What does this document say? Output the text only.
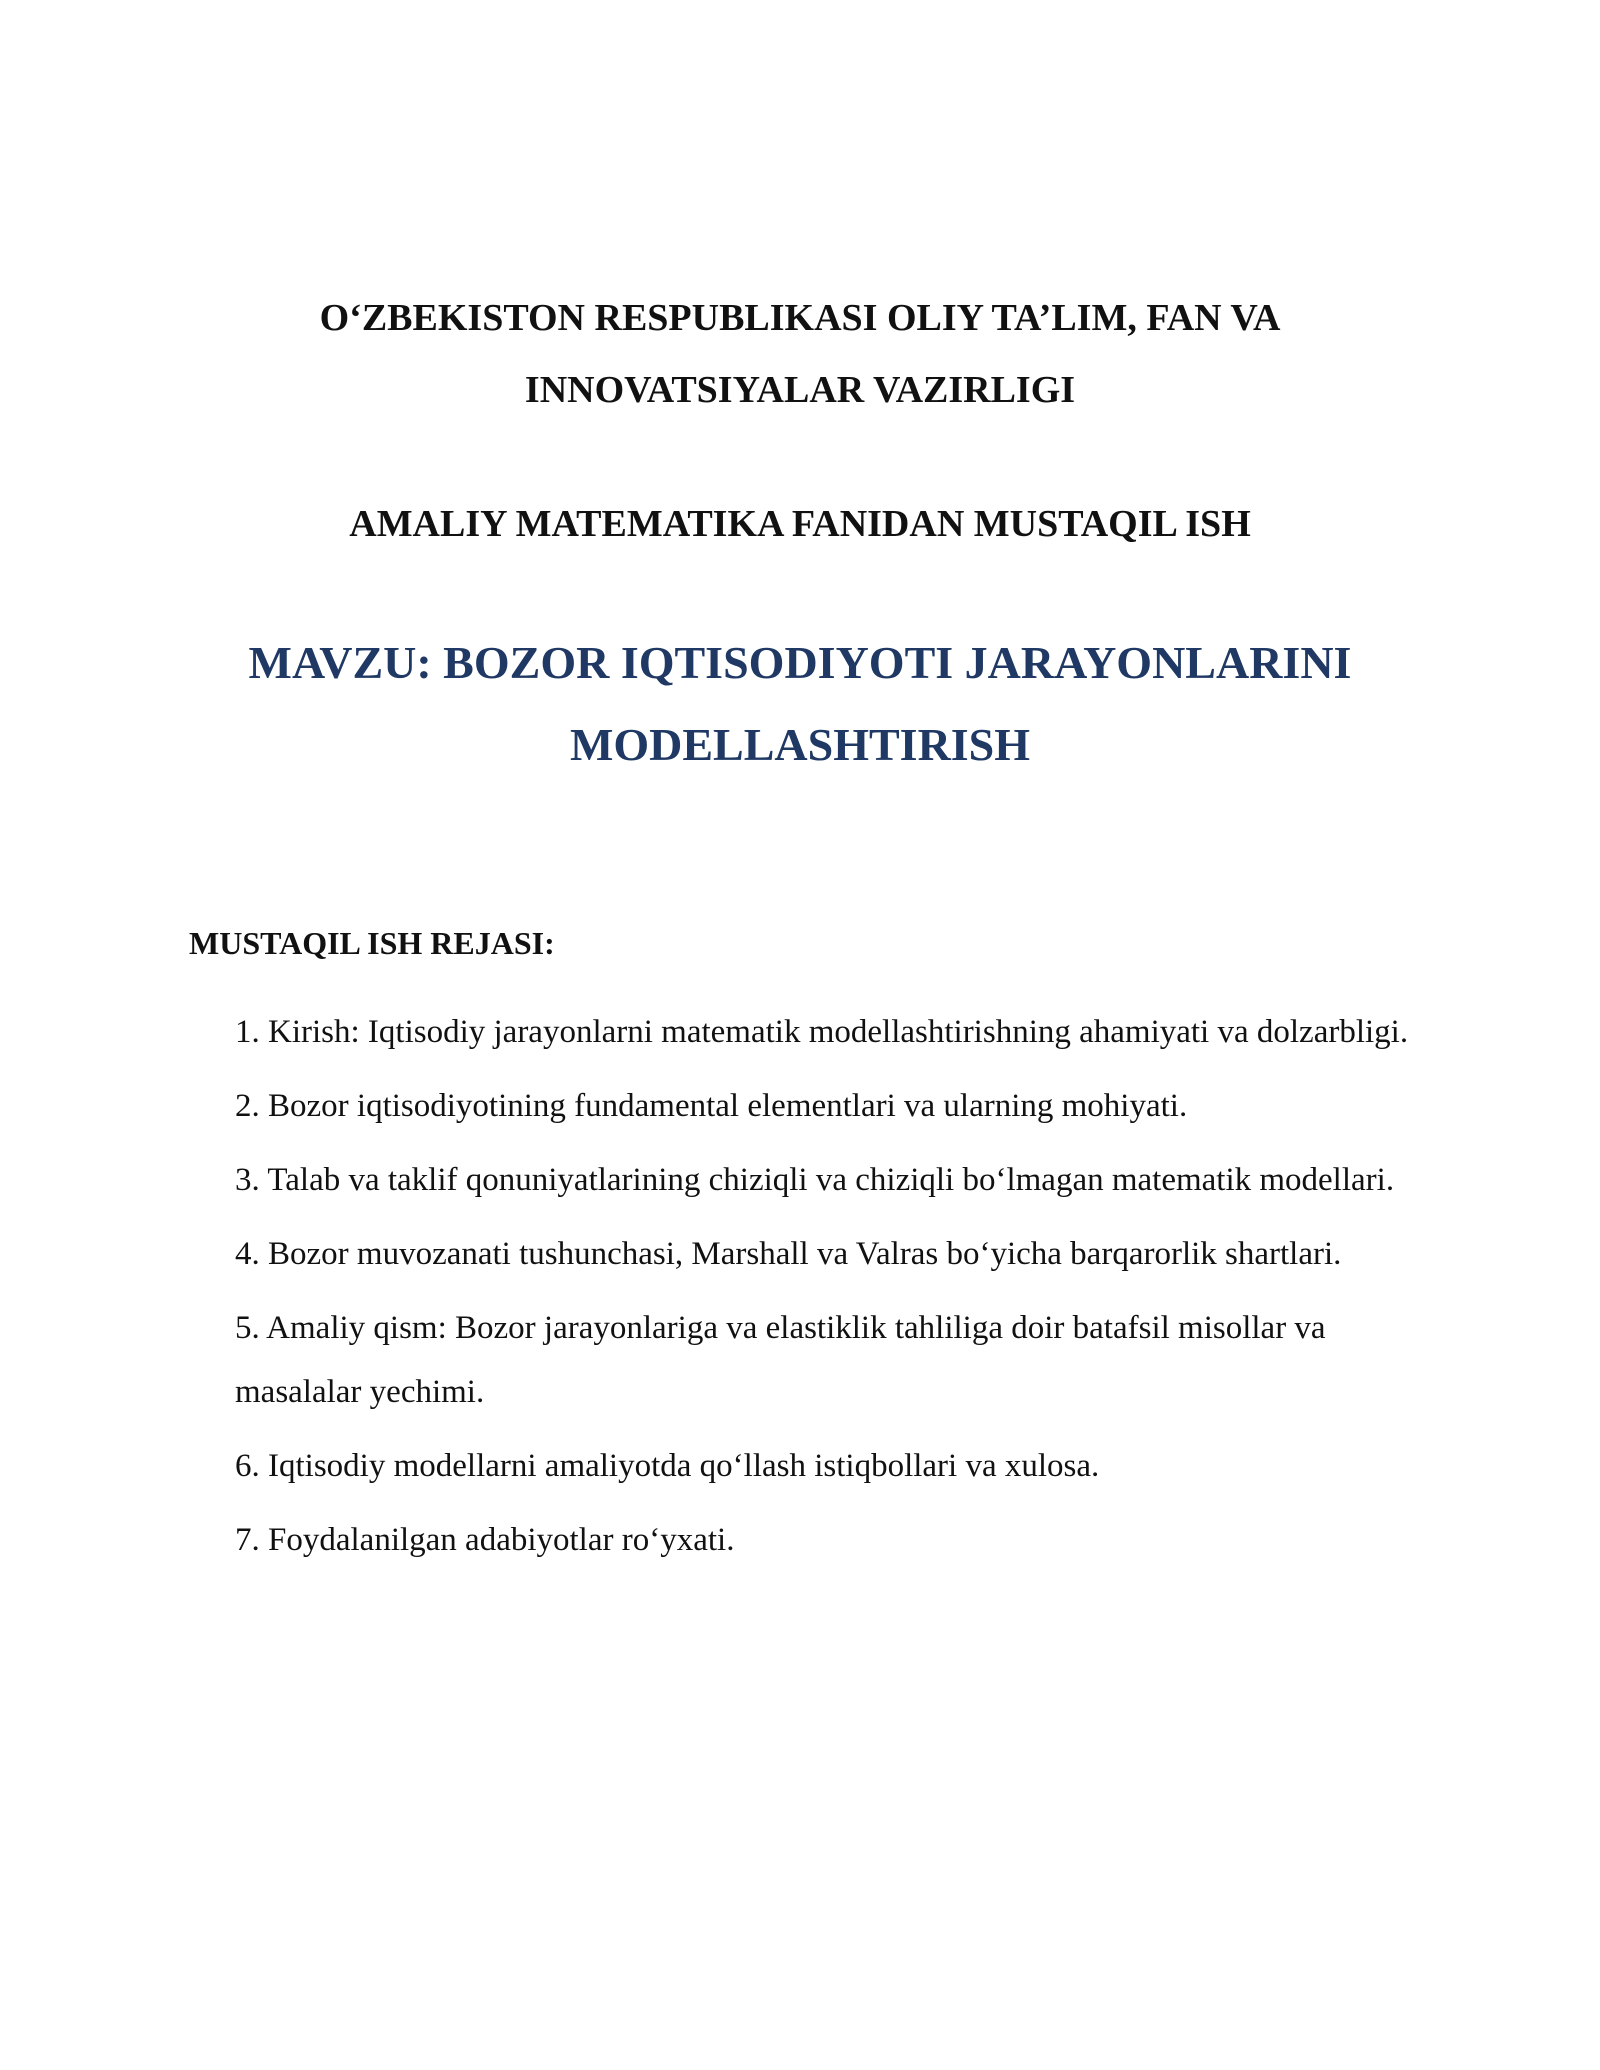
O‘ZBEKISTON RESPUBLIKASI OLIY TA’LIM, FAN VA
INNOVATSIYALAR VAZIRLIGI
AMALIY MATEMATIKA FANIDAN MUSTAQIL ISH
MAVZU: BOZOR IQTISODIYOTI JARAYONLARINI
MODELLASHTIRISH
MUSTAQIL ISH REJASI:
1. Kirish: Iqtisodiy jarayonlarni matematik modellashtirishning ahamiyati va dolzarbligi.
2. Bozor iqtisodiyotining fundamental elementlari va ularning mohiyati.
3. Talab va taklif qonuniyatlarining chiziqli va chiziqli bo‘lmagan matematik modellari.
4. Bozor muvozanati tushunchasi, Marshall va Valras bo‘yicha barqarorlik shartlari.
5. Amaliy qism: Bozor jarayonlariga va elastiklik tahliliga doir batafsil misollar va masalalar yechimi.
6. Iqtisodiy modellarni amaliyotda qo‘llash istiqbollari va xulosa.
7. Foydalanilgan adabiyotlar ro‘yxati.
